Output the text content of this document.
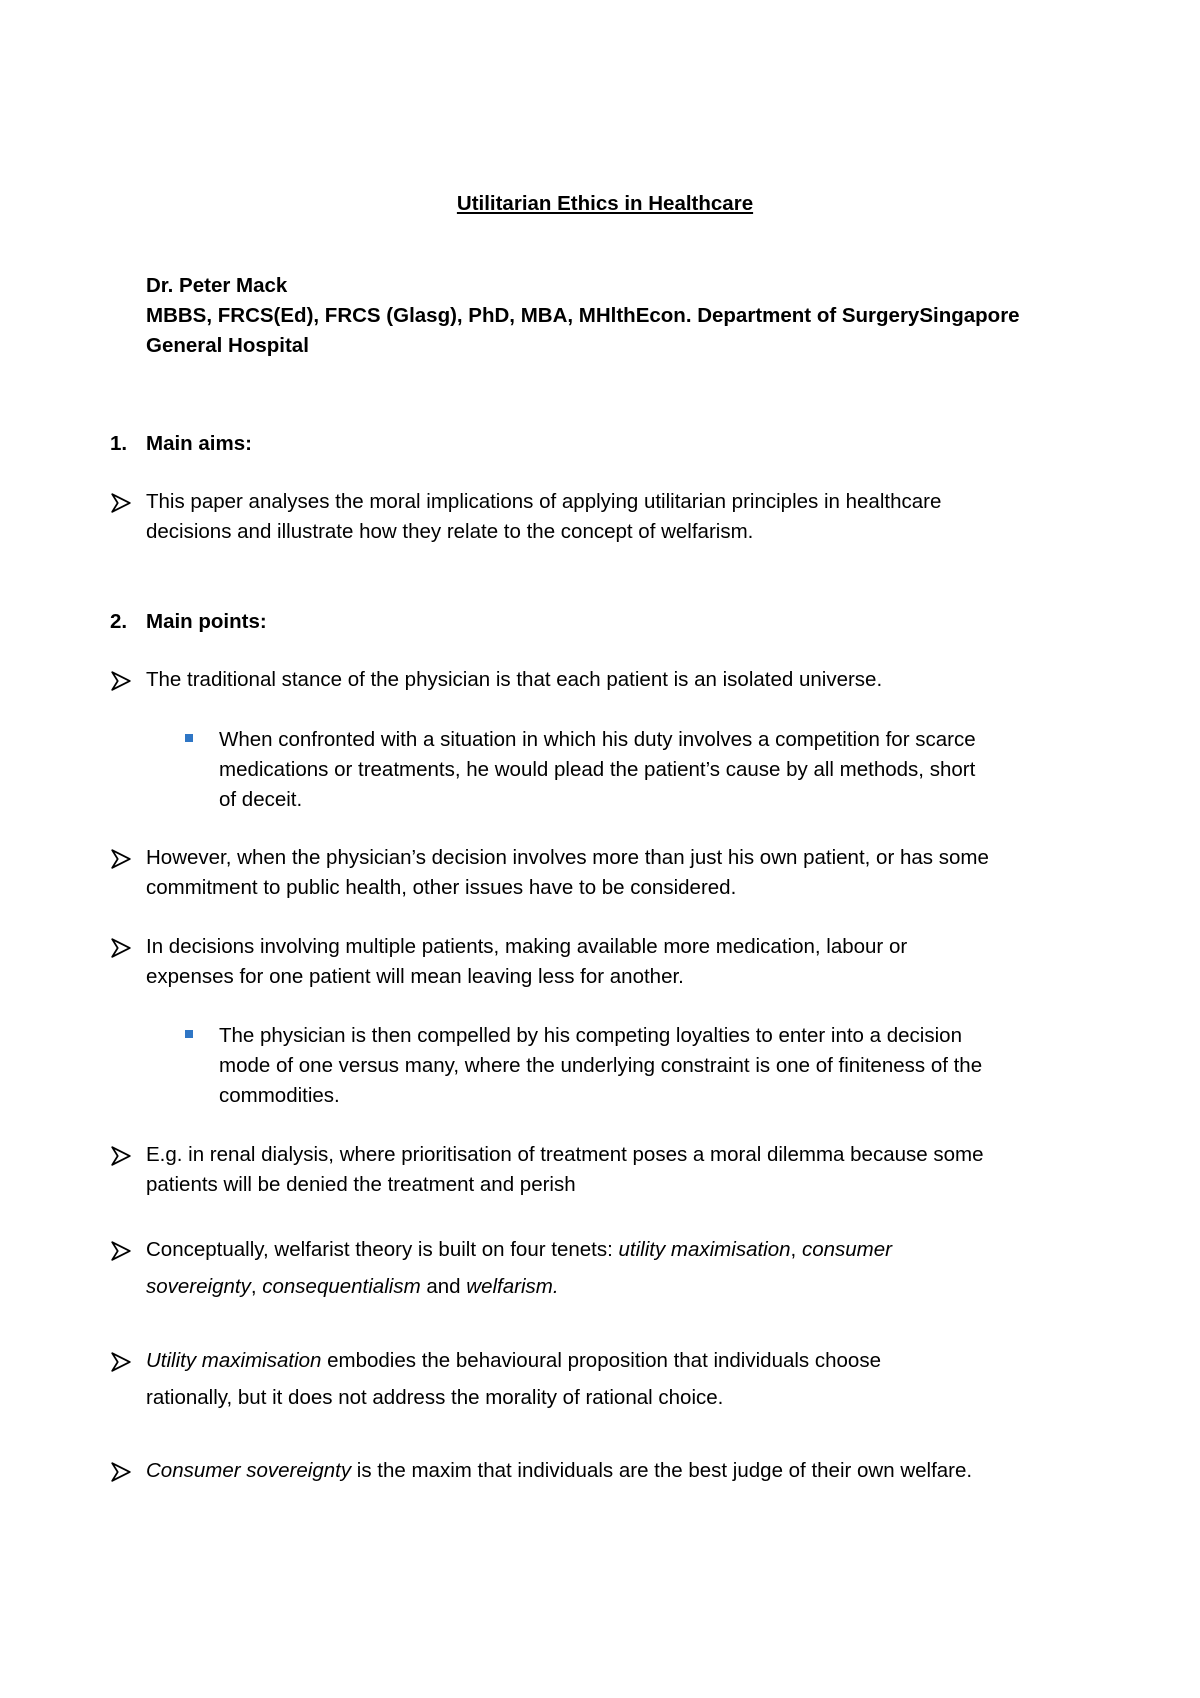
Utilitarian Ethics in Healthcare
Dr. Peter Mack
MBBS, FRCS(Ed), FRCS (Glasg), PhD, MBA, MHlthEcon. Department of SurgerySingapore
General Hospital
1. Main aims:
This paper analyses the moral implications of applying utilitarian principles in healthcare
decisions and illustrate how they relate to the concept of welfarism.
2. Main points:
The traditional stance of the physician is that each patient is an isolated universe.
When confronted with a situation in which his duty involves a competition for scarce
medications or treatments, he would plead the patient’s cause by all methods, short
of deceit.
However, when the physician’s decision involves more than just his own patient, or has some
commitment to public health, other issues have to be considered.
In decisions involving multiple patients, making available more medication, labour or
expenses for one patient will mean leaving less for another.
The physician is then compelled by his competing loyalties to enter into a decision
mode of one versus many, where the underlying constraint is one of finiteness of the
commodities.
E.g. in renal dialysis, where prioritisation of treatment poses a moral dilemma because some
patients will be denied the treatment and perish
Conceptually, welfarist theory is built on four tenets: utility maximisation, consumer
sovereignty, consequentialism and welfarism.
Utility maximisation embodies the behavioural proposition that individuals choose
rationally, but it does not address the morality of rational choice.
Consumer sovereignty is the maxim that individuals are the best judge of their own welfare.
